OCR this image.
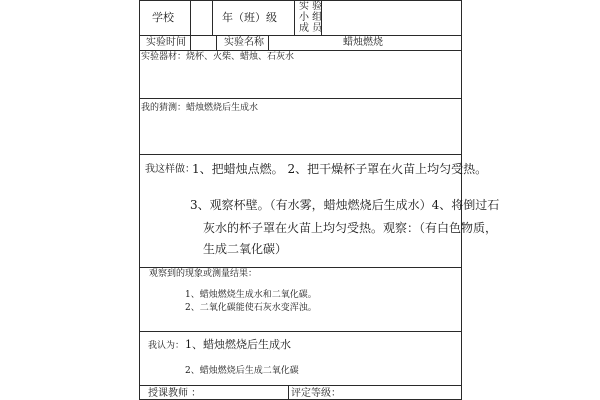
学校	年（班）级
实 验
小 组
成 员
实验时间	实验名称	蜡烛燃烧
实验器材：烧杯、火柴、蜡烛、石灰水
我的猜测：蜡烛燃烧后生成水
我这样做：
1、把蜡烛点燃。 2、把干燥杯子罩在火苗上均匀受热。
3、观察杯壁。（有水雾，蜡烛燃烧后生成水）4、将倒过石
灰水的杯子罩在火苗上均匀受热。观察：（有白色物质，
生成二氧化碳）
观察到的现象或测量结果：
1、蜡烛燃烧生成水和二氧化碳。
2、二氧化碳能使石灰水变浑浊。
我认为： 1、蜡烛燃烧后生成水
2、蜡烛燃烧后生成二氧化碳
授课教师 ：	评定等级：
